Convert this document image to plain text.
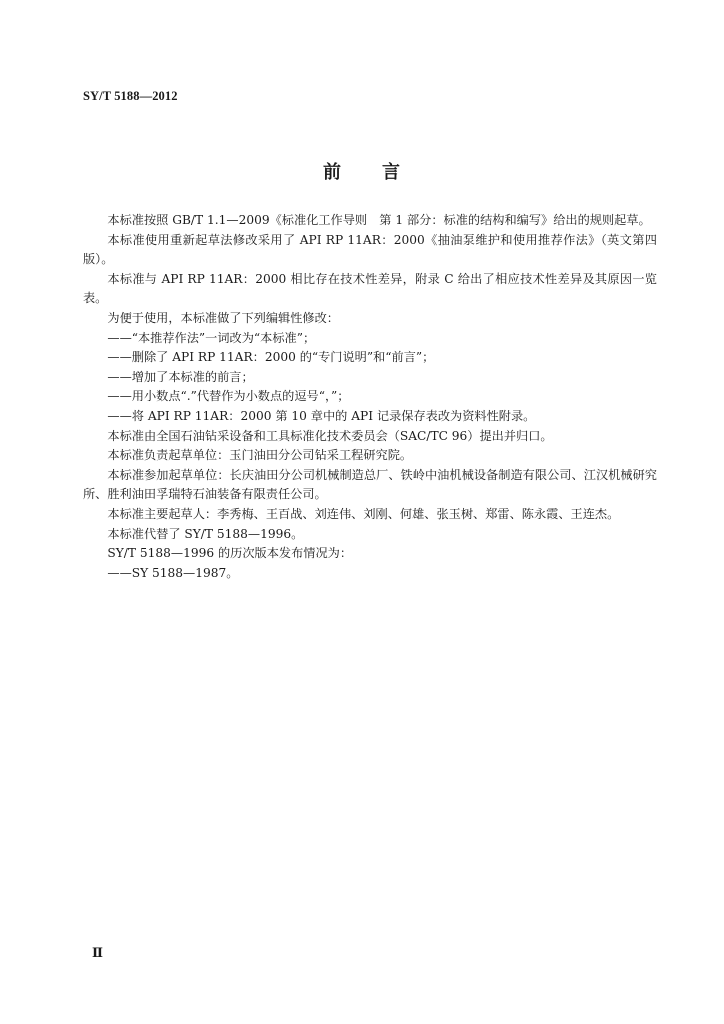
SY/T 5188—2012
前 言

本标准按照 GB/T 1.1—2009《标准化工作导则　第 1 部分：标准的结构和编写》给出的规则起草。

本标准使用重新起草法修改采用了 API RP 11AR：2000《抽油泵维护和使用推荐作法》（英文第四版）。

本标准与 API RP 11AR：2000 相比存在技术性差异，附录 C 给出了相应技术性差异及其原因一览表。

为便于使用，本标准做了下列编辑性修改：

——“本推荐作法”一词改为“本标准”；

——删除了 API RP 11AR：2000 的“专门说明”和“前言”；

——增加了本标准的前言；

——用小数点“.”代替作为小数点的逗号“，”；

——将 API RP 11AR：2000 第 10 章中的 API 记录保存表改为资料性附录。

本标准由全国石油钻采设备和工具标准化技术委员会（SAC/TC 96）提出并归口。

本标准负责起草单位：玉门油田分公司钻采工程研究院。

本标准参加起草单位：长庆油田分公司机械制造总厂、铁岭中油机械设备制造有限公司、江汉机械研究所、胜利油田孚瑞特石油装备有限责任公司。

本标准主要起草人：李秀梅、王百战、刘连伟、刘刚、何雄、张玉树、郑雷、陈永霞、王连杰。

本标准代替了 SY/T 5188—1996。

SY/T 5188—1996 的历次版本发布情况为：

——SY 5188—1987。

Ⅱ
